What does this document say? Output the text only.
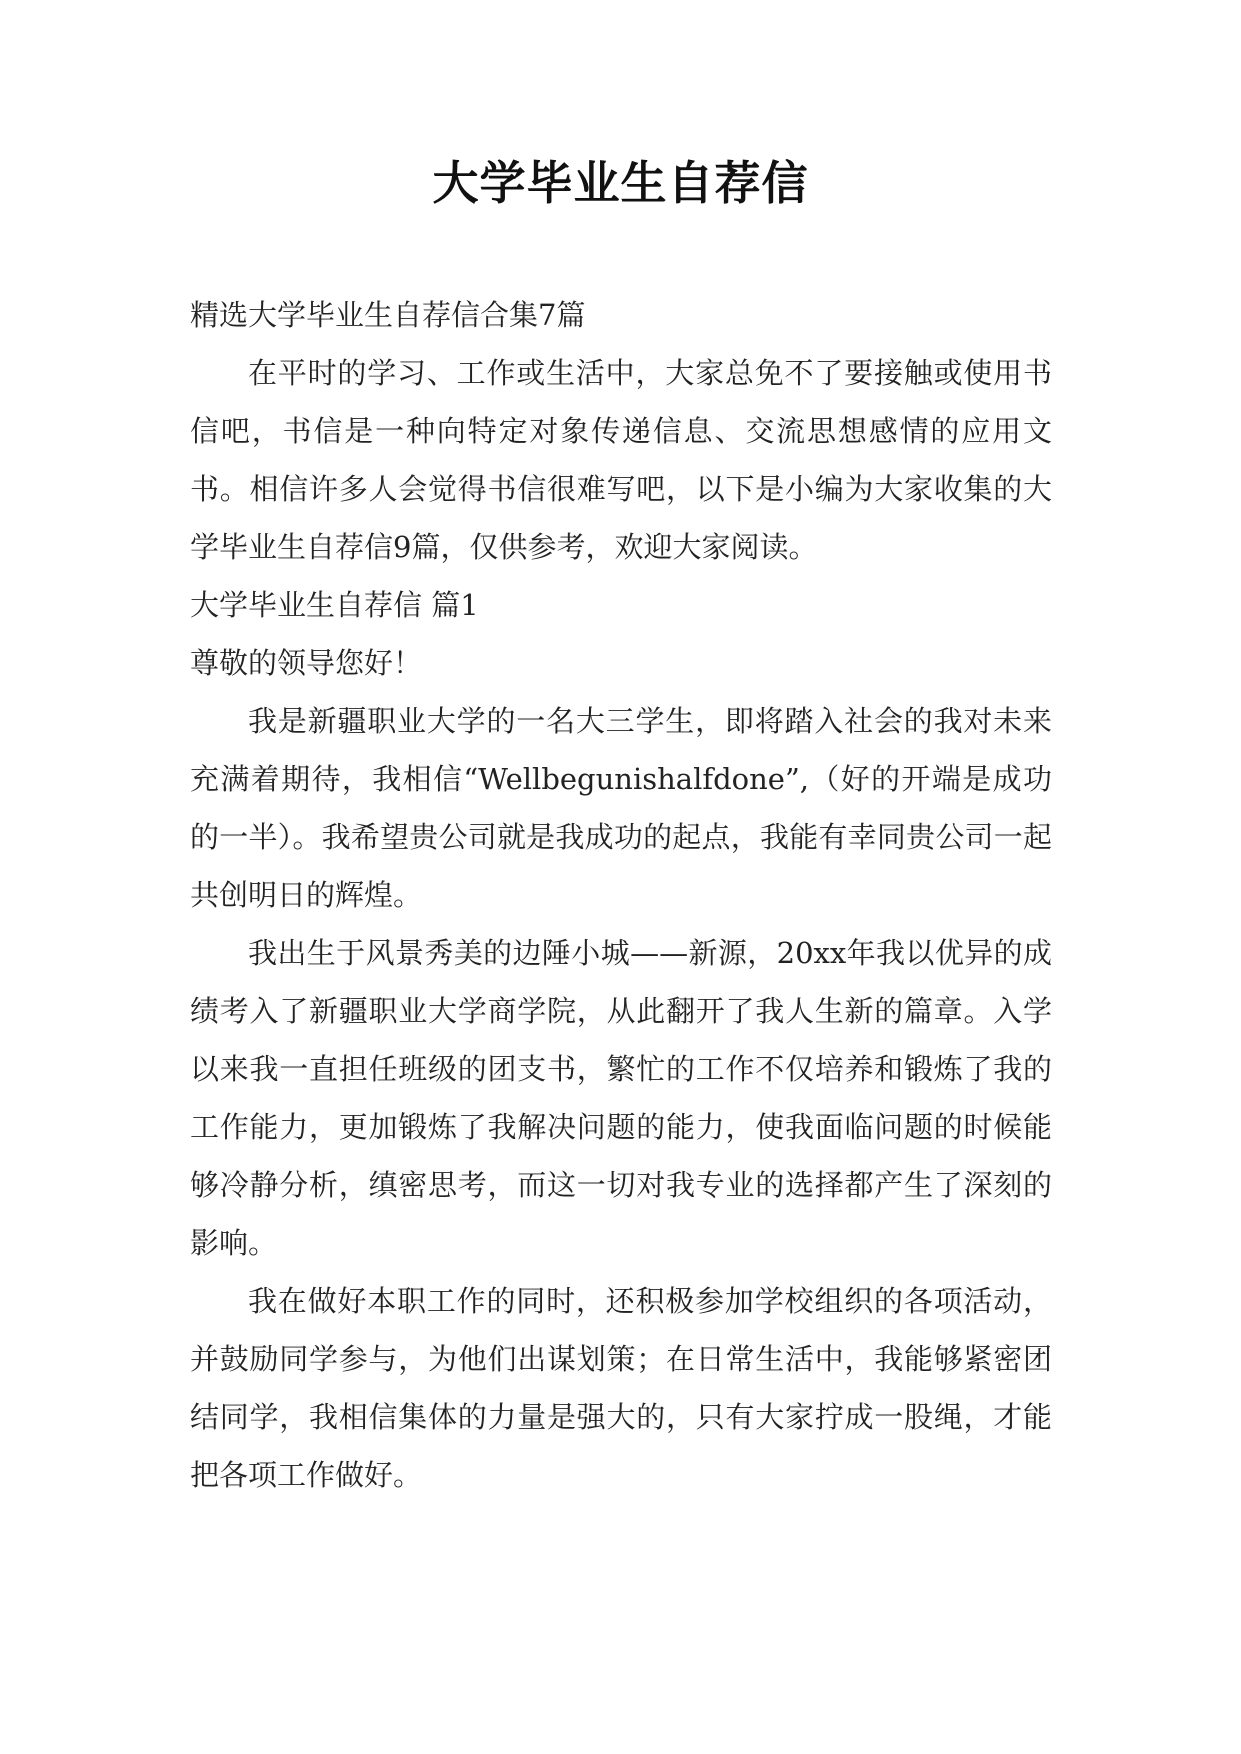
大学毕业生自荐信

精选大学毕业生自荐信合集7篇

在平时的学习、工作或生活中，大家总免不了要接触或使用书信吧，书信是一种向特定对象传递信息、交流思想感情的应用文书。相信许多人会觉得书信很难写吧，以下是小编为大家收集的大学毕业生自荐信9篇，仅供参考，欢迎大家阅读。

大学毕业生自荐信 篇1

尊敬的领导您好！

我是新疆职业大学的一名大三学生，即将踏入社会的我对未来充满着期待，我相信“Wellbegunishalfdone”,（好的开端是成功的一半）。我希望贵公司就是我成功的起点，我能有幸同贵公司一起共创明日的辉煌。

我出生于风景秀美的边陲小城——新源，20xx年我以优异的成绩考入了新疆职业大学商学院，从此翻开了我人生新的篇章。入学以来我一直担任班级的团支书，繁忙的工作不仅培养和锻炼了我的工作能力，更加锻炼了我解决问题的能力，使我面临问题的时候能够冷静分析，缜密思考，而这一切对我专业的选择都产生了深刻的影响。

我在做好本职工作的同时，还积极参加学校组织的各项活动，并鼓励同学参与，为他们出谋划策；在日常生活中，我能够紧密团结同学，我相信集体的力量是强大的，只有大家拧成一股绳，才能把各项工作做好。
